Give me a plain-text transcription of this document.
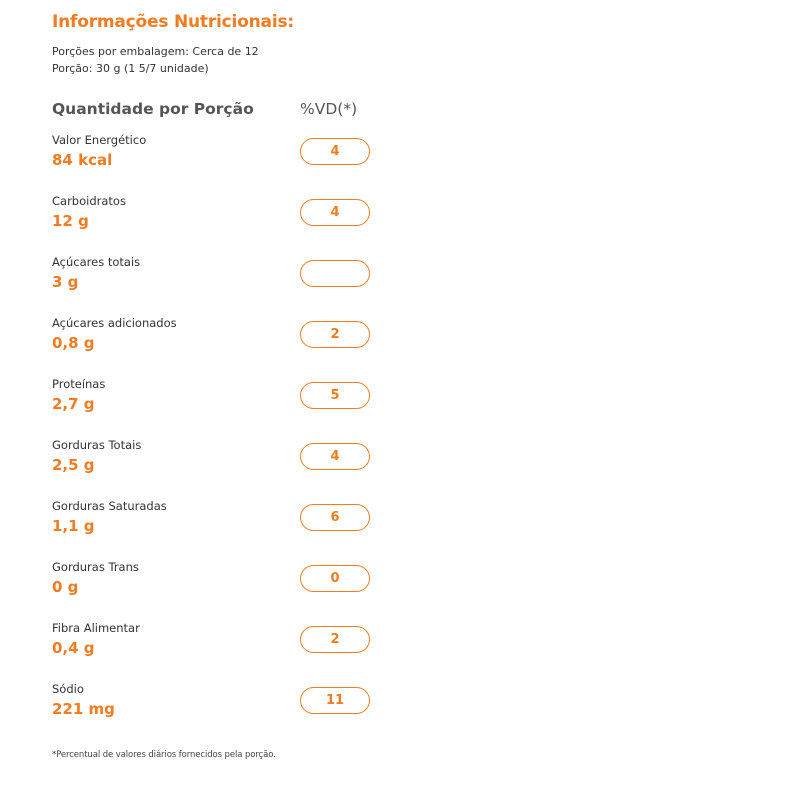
Informações Nutricionais:
Porções por embalagem: Cerca de 12
Porção: 30 g (1 5/7 unidade)
Quantidade por Porção	%VD(*)
Valor Energético
84 kcal	4
Carboidratos
12 g	4
Açúcares totais
3 g
Açúcares adicionados
0,8 g	2
Proteínas
2,7 g	5
Gorduras Totais
2,5 g	4
Gorduras Saturadas
1,1 g	6
Gorduras Trans
0 g	0
Fibra Alimentar
0,4 g	2
Sódio
221 mg	11
*Percentual de valores diários fornecidos pela porção.
